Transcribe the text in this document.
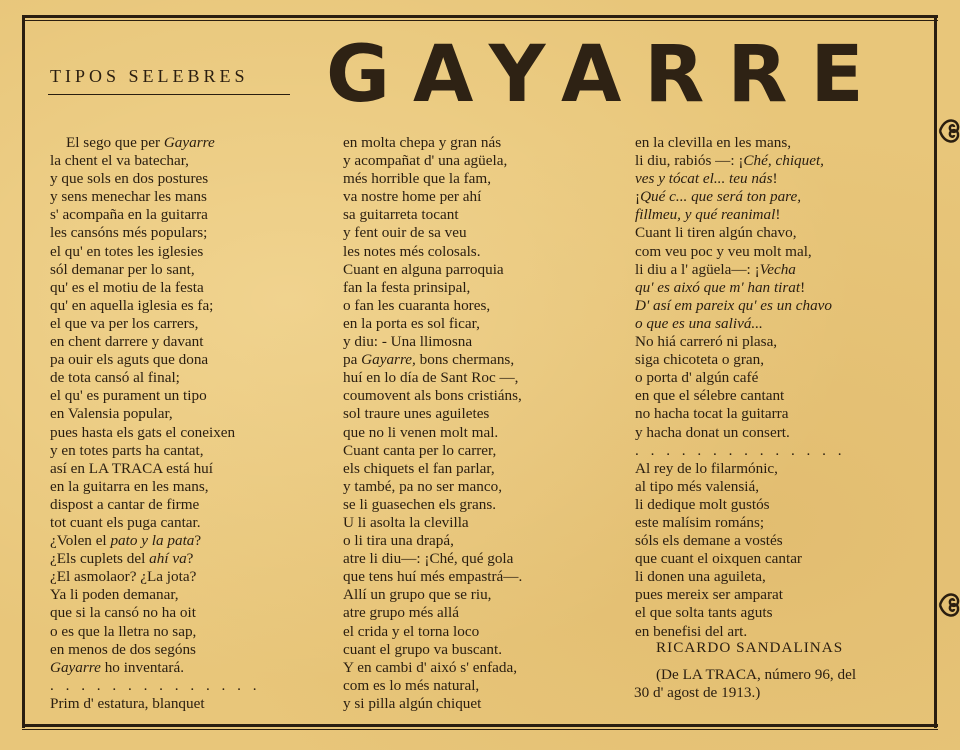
TIPOS SELEBRES GAYARRE
El sego que per Gayarre
la chent el va batechar,
y que sols en dos postures
y sens menechar les mans
s' acompaña en la guitarra
les cansóns més populars;
el qu' en totes les iglesies
sól demanar per lo sant,
qu' es el motiu de la festa
qu' en aquella iglesia es fa;
el que va per los carrers,
en chent darrere y davant
pa ouir els aguts que dona
de tota cansó al final;
el qu' es purament un tipo
en Valensia popular,
pues hasta els gats el coneixen
y en totes parts ha cantat,
así en LA TRACA está huí
en la guitarra en les mans,
dispost a cantar de firme
tot cuant els puga cantar.
¿Volen el pato y la pata?
¿Els cuplets del ahí va?
¿El asmolaor? ¿La jota?
Ya li poden demanar,
que si la cansó no ha oit
o es que la lletra no sap,
en menos de dos segóns
Gayarre ho inventará.
. . . . . . . . . . . . . .
Prim d' estatura, blanquet
en molta chepa y gran nás
y acompañat d' una agüela,
més horrible que la fam,
va nostre home per ahí
sa guitarreta tocant
y fent ouir de sa veu
les notes més colosals.
Cuant en alguna parroquia
fan la festa prinsipal,
o fan les cuaranta hores,
en la porta es sol ficar,
y diu: - Una llimosna
pa Gayarre, bons chermans,
huí en lo día de Sant Roc —,
coumovent als bons cristiáns,
sol traure unes aguiletes
que no li venen molt mal.
Cuant canta per lo carrer,
els chiquets el fan parlar,
y també, pa no ser manco,
se li guasechen els grans.
U li asolta la clevilla
o li tira una drapá,
atre li diu—: ¡Ché, qué gola
que tens huí més empastrá—.
Allí un grupo que se riu,
atre grupo més allá
el crida y el torna loco
cuant el grupo va buscant.
Y en cambi d' aixó s' enfada,
com es lo més natural,
y si pilla algún chiquet
en la clevilla en les mans,
li diu, rabiós —: ¡Ché, chiquet,
ves y tócat el... teu nás!
¡Qué c... que será ton pare,
fillmeu, y qué reanimal!
Cuant li tiren algún chavo,
com veu poc y veu molt mal,
li diu a l' agüela—: ¡Vecha
qu' es aixó que m' han tirat!
D' así em pareix qu' es un chavo
o que es una salivá...
No hiá carreró ni plasa,
siga chicoteta o gran,
o porta d' algún café
en que el sélebre cantant
no hacha tocat la guitarra
y hacha donat un consert.
. . . . . . . . . . . . . .
Al rey de lo filarmónic,
al tipo més valensiá,
li dedique molt gustós
este malísim románs;
sóls els demane a vostés
que cuant el oixquen cantar
li donen una aguileta,
pues mereix ser amparat
el que solta tants aguts
en benefisi del art.
RICARDO SANDALINAS
(De LA TRACA, número 96, del
30 d' agost de 1913.)
